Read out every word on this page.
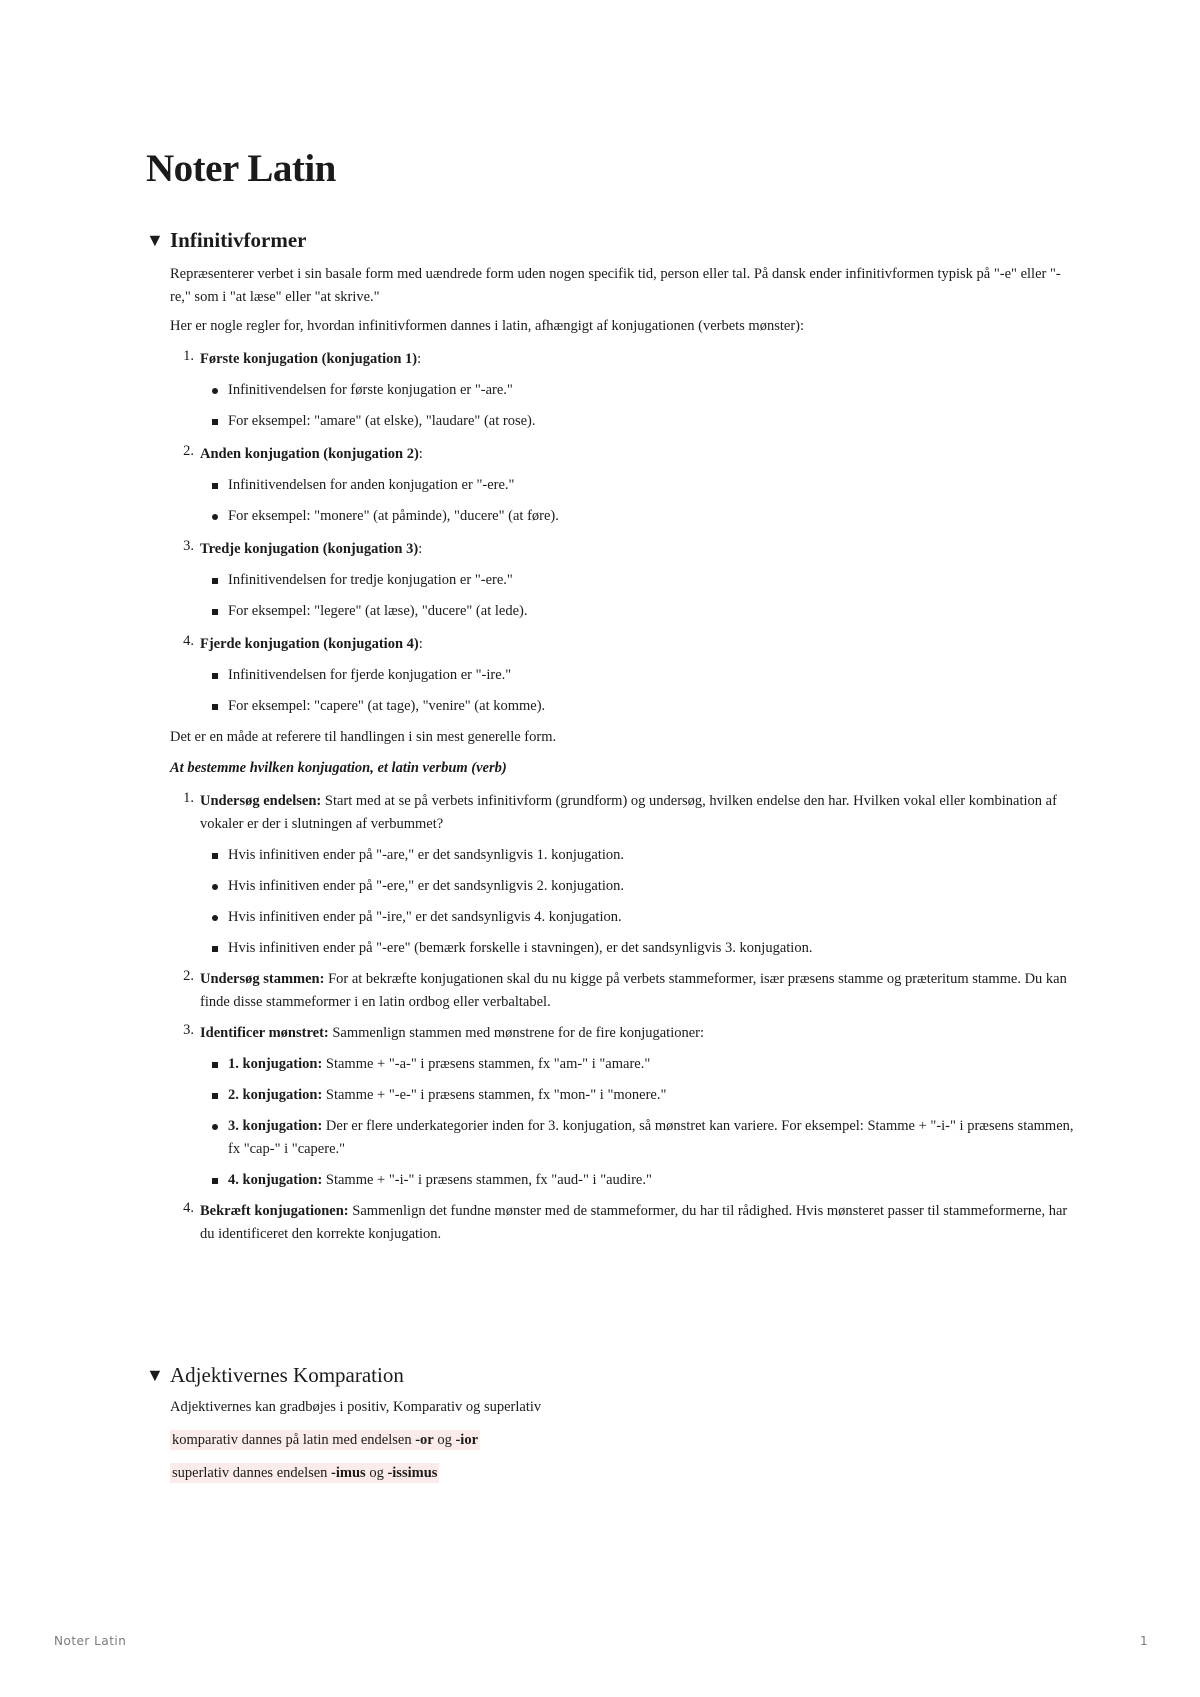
Noter Latin
▼ Infinitivformer

Repræsenterer verbet i sin basale form med uændrede form uden nogen specifik tid, person eller tal. På dansk ender infinitivformen typisk på "-e" eller "-re," som i "at læse" eller "at skrive."

Her er nogle regler for, hvordan infinitivformen dannes i latin, afhængigt af konjugationen (verbets mønster):

1. Første konjugation (konjugation 1):
Infinitivendelsen for første konjugation er "-are."
For eksempel: "amare" (at elske), "laudare" (at rose).
2. Anden konjugation (konjugation 2):
Infinitivendelsen for anden konjugation er "-ere."
For eksempel: "monere" (at påminde), "ducere" (at føre).
3. Tredje konjugation (konjugation 3):
Infinitivendelsen for tredje konjugation er "-ere."
For eksempel: "legere" (at læse), "ducere" (at lede).
4. Fjerde konjugation (konjugation 4):
Infinitivendelsen for fjerde konjugation er "-ire."
For eksempel: "capere" (at tage), "venire" (at komme).

Det er en måde at referere til handlingen i sin mest generelle form.

At bestemme hvilken konjugation, et latin verbum (verb)

1. Undersøg endelsen: Start med at se på verbets infinitivform (grundform) og undersøg, hvilken endelse den har. Hvilken vokal eller kombination af vokaler er der i slutningen af verbummet?
Hvis infinitiven ender på "-are," er det sandsynligvis 1. konjugation.
Hvis infinitiven ender på "-ere," er det sandsynligvis 2. konjugation.
Hvis infinitiven ender på "-ire," er det sandsynligvis 4. konjugation.
Hvis infinitiven ender på "-ere" (bemærk forskelle i stavningen), er det sandsynligvis 3. konjugation.
2. Undersøg stammen: For at bekræfte konjugationen skal du nu kigge på verbets stammeformer, især præsens stamme og præteritum stamme. Du kan finde disse stammeformer i en latin ordbog eller verbaltabel.
3. Identificer mønstret: Sammenlign stammen med mønstrene for de fire konjugationer:
1. konjugation: Stamme + "-a-" i præsens stammen, fx "am-" i "amare."
2. konjugation: Stamme + "-e-" i præsens stammen, fx "mon-" i "monere."
3. konjugation: Der er flere underkategorier inden for 3. konjugation, så mønstret kan variere. For eksempel: Stamme + "-i-" i præsens stammen, fx "cap-" i "capere."
4. konjugation: Stamme + "-i-" i præsens stammen, fx "aud-" i "audire."
4. Bekræft konjugationen: Sammenlign det fundne mønster med de stammeformer, du har til rådighed. Hvis mønsteret passer til stammeformerne, har du identificeret den korrekte konjugation.
▼ Adjektivernes Komparation

Adjektivernes kan gradbøjes i positiv, Komparativ og superlativ

komparativ dannes på latin med endelsen -or og -ior

superlativ dannes endelsen -imus og -issimus

Noter Latin	1
